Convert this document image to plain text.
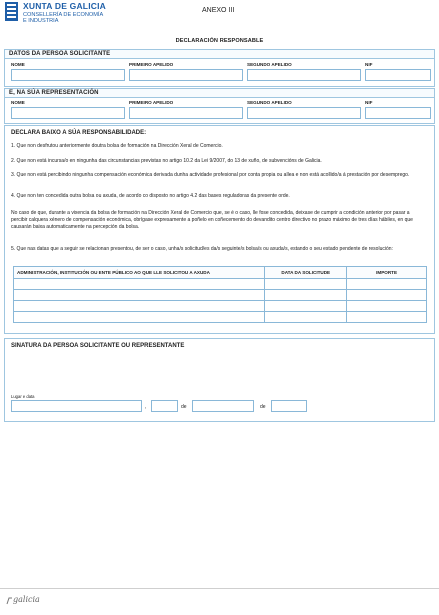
XUNTA DE GALICIA
CONSELLERÍA DE ECONOMÍA
E INDUSTRIA
ANEXO III
DECLARACIÓN RESPONSABLE
DATOS DA PERSOA SOLICITANTE
NOME	PRIMEIRO APELIDO	SEGUNDO APELIDO	NIF
E, NA SÚA REPRESENTACIÓN
NOME	PRIMEIRO APELIDO	SEGUNDO APELIDO	NIF
DECLARA BAIXO A SÚA RESPONSABILIDADE:
1. Que non desfrutou anteriormente doutra bolsa de formación na Dirección Xeral de Comercio.
2. Que non está incursa/o en ningunha das circunstancias previstas no artigo 10.2 da Lei 9/2007, do 13 de xuño, de subvencións de Galicia.
3. Que non está percibindo ningunha compensación económica derivada dunha actividade profesional por conta propia ou allea e non está acollido/a á prestación por desemprego.
4. Que non ten concedida outra bolsa ou axuda, de acordo co disposto no artigo 4.2 das bases reguladoras da presente orde.
No caso de que, durante a vixencia da bolsa de formación na Dirección Xeral de Comercio que, se é o caso, lle fose concedida, deixase de cumprir a condición anterior por pasar a percibir calquera xénero de compensación económica, obrígase expresamente a poñelo en coñecemento do devandito centro directivo no prazo máximo de tres días hábiles, en que causarán baixa automaticamente na percepción da bolsa.
5. Que nas datas que a seguir se relacionan presentou, de ser o caso, unha/s solicitud/es da/s seguinte/s bolsa/s ou axuda/s, estando o seu estado pendente de resolución:
ADMINISTRACIÓN, INSTITUCIÓN OU ENTE PÚBLICO AO QUE LLE SOLICITOU A AXUDA	DATA DA SOLICITUDE	IMPORTE

SINATURA DA PERSOA SOLICITANTE OU REPRESENTANTE
Lugar e data
,	de	de
galicia
